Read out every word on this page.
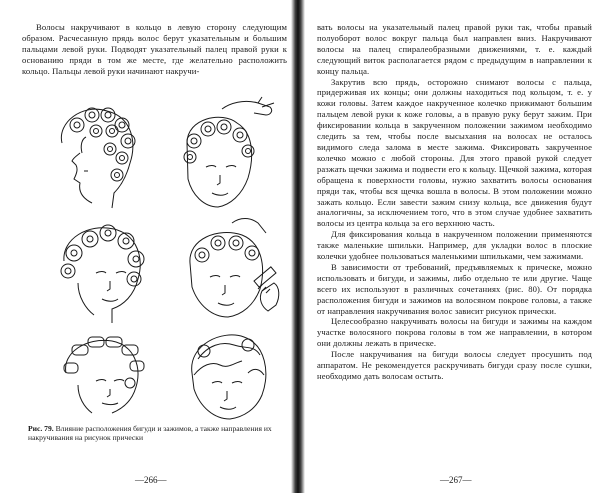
Волосы накручивают в кольцо в левую сторону следующим образом. Расчесанную прядь волос берут указательным и большим пальцами левой руки. Подводят указательный палец правой руки к основанию пряди в том же месте, где желательно расположить кольцо. Пальцы левой руки начинают накручи-

Рис. 79. Влияние расположения бигуди и зажимов, а также направления их накручивания на рисунок прически
—266—

вать волосы на указательный палец правой руки так, чтобы правый полуоборот волос вокруг пальца был направлен вниз. Накручивают волосы на палец спиралеобразными движениями, т. е. каждый следующий виток располагается рядом с предыдущим в направлении к концу пальца.

Закрутив всю прядь, осторожно снимают волосы с пальца, придерживая их концы; они должны находиться под кольцом, т. е. у кожи головы. Затем каждое накрученное колечко прижимают большим пальцем левой руки к коже головы, а в правую руку берут зажим. При фиксировании кольца в закрученном положении зажимом необходимо следить за тем, чтобы после высыхания на волосах не осталось видимого следа залома в месте зажима. Фиксировать закрученное колечко можно с любой стороны. Для этого правой рукой следует разжать щечки зажима и подвести его к кольцу. Щечкой зажима, которая обращена к поверхности головы, нужно захватить волосы основания пряди так, чтобы вся щечка вошла в волосы. В этом положении можно зажать кольцо. Если завести зажим снизу кольца, все движения будут аналогичны, за исключением того, что в этом случае удобнее захватить волосы из центра кольца за его верхнюю часть.

Для фиксирования кольца в накрученном положении применяются также маленькие шпильки. Например, для укладки волос в плоские колечки удобнее пользоваться маленькими шпильками, чем зажимами.

В зависимости от требований, предъявляемых к прическе, можно использовать и бигуди, и зажимы, либо отдельно те или другие. Чаще всего их используют в различных сочетаниях (рис. 80). От порядка расположения бигуди и зажимов на волосяном покрове головы, а также от направления накручивания волос зависит рисунок прически.

Целесообразно накручивать волосы на бигуди и зажимы на каждом участке волосяного покрова головы в том же направлении, в котором они должны лежать в прическе.

После накручивания на бигуди волосы следует просушить под аппаратом. Не рекомендуется раскручивать бигуди сразу после сушки, необходимо дать волосам остыть.

—267—
